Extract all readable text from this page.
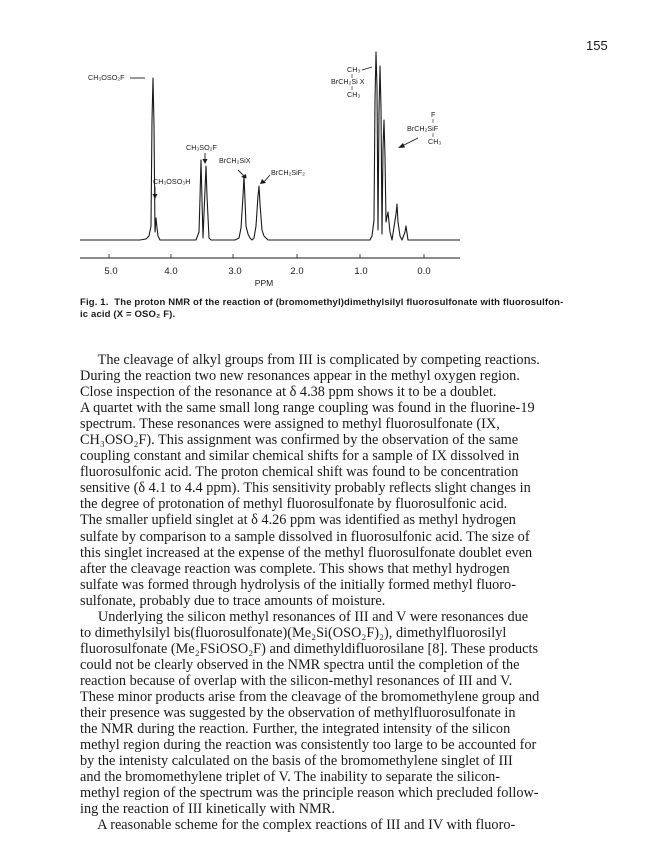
155
5.0	4.0	3.0	2.0	1.0	0.0
PPM
CH₃OSO₂F
CH₃SO₂F
CH₃OSO₃H
BrCH₂SiX
BrCH₂SiF₂
CH₃
BrCH₂Si X
CH₃
F
BrCH₂SiF
CH₃
Fig. 1. The proton NMR of the reaction of (bromomethyl)dimethylsilyl fluorosulfonate with fluorosulfon-
ic acid (X = OSO₂ F).
The cleavage of alkyl groups from III is complicated by competing reactions.
During the reaction two new resonances appear in the methyl oxygen region.
Close inspection of the resonance at δ 4.38 ppm shows it to be a doublet.
A quartet with the same small long range coupling was found in the fluorine-19
spectrum. These resonances were assigned to methyl fluorosulfonate (IX,
CH₃OSO₂F). This assignment was confirmed by the observation of the same
coupling constant and similar chemical shifts for a sample of IX dissolved in
fluorosulfonic acid. The proton chemical shift was found to be concentration
sensitive (δ 4.1 to 4.4 ppm). This sensitivity probably reflects slight changes in
the degree of protonation of methyl fluorosulfonate by fluorosulfonic acid.
The smaller upfield singlet at δ 4.26 ppm was identified as methyl hydrogen
sulfate by comparison to a sample dissolved in fluorosulfonic acid. The size of
this singlet increased at the expense of the methyl fluorosulfonate doublet even
after the cleavage reaction was complete. This shows that methyl hydrogen
sulfate was formed through hydrolysis of the initially formed methyl fluoro-
sulfonate, probably due to trace amounts of moisture.
Underlying the silicon methyl resonances of III and V were resonances due
to dimethylsilyl bis(fluorosulfonate)(Me₂Si(OSO₂F)₂), dimethylfluorosilyl
fluorosulfonate (Me₂FSiOSO₂F) and dimethyldifluorosilane [8]. These products
could not be clearly observed in the NMR spectra until the completion of the
reaction because of overlap with the silicon-methyl resonances of III and V.
These minor products arise from the cleavage of the bromomethylene group and
their presence was suggested by the observation of methylfluorosulfonate in
the NMR during the reaction. Further, the integrated intensity of the silicon
methyl region during the reaction was consistently too large to be accounted for
by the intenisty calculated on the basis of the bromomethylene singlet of III
and the bromomethylene triplet of V. The inability to separate the silicon-
methyl region of the spectrum was the principle reason which precluded follow-
ing the reaction of III kinetically with NMR.
A reasonable scheme for the complex reactions of III and IV with fluoro-
